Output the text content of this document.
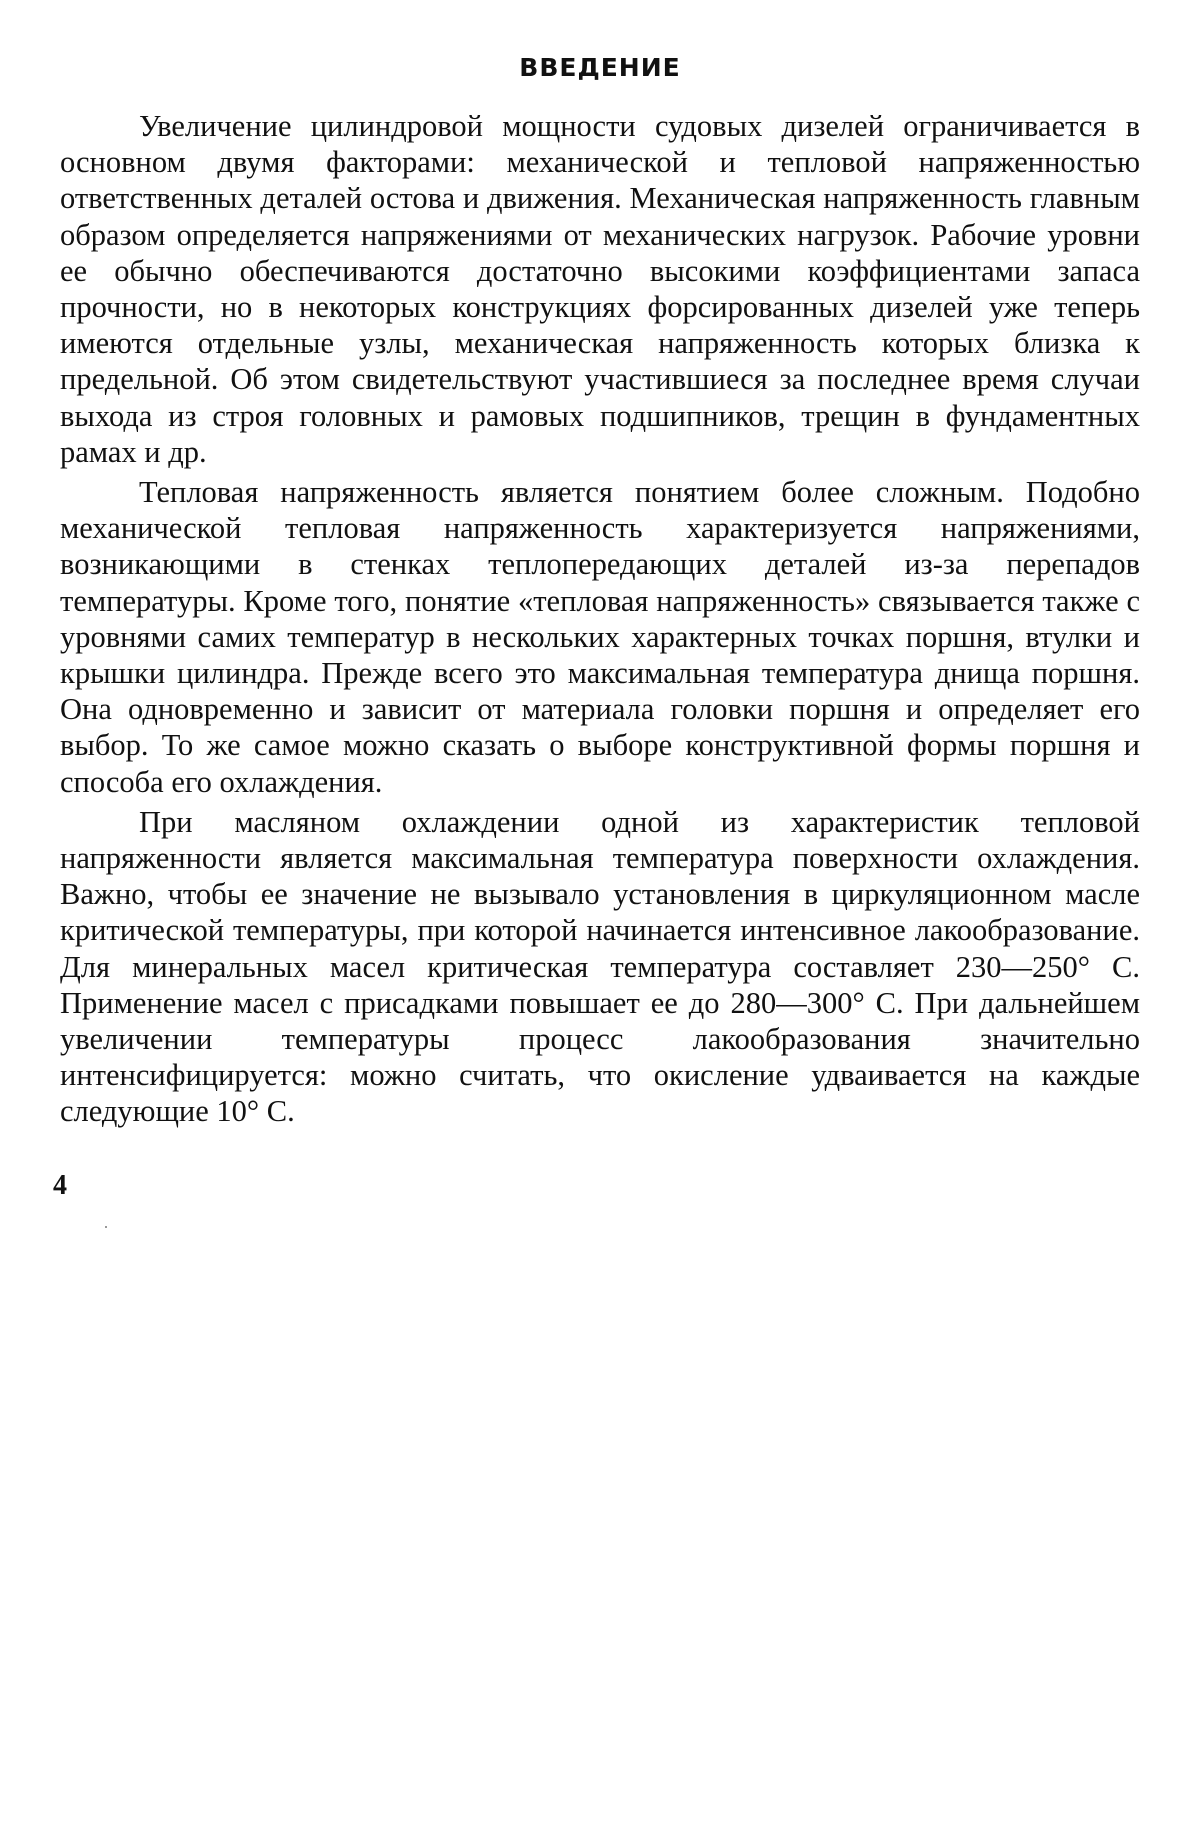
ВВЕДЕНИЕ

Увеличение цилиндровой мощности судовых дизелей ограничивается в основном двумя факторами: механической и тепловой напряженностью ответственных деталей остова и движения. Механическая напряженность главным образом определяется напряжениями от механических нагрузок. Рабочие уровни ее обычно обеспечиваются достаточно высокими коэффициентами запаса прочности, но в некоторых конструкциях форсированных дизелей уже теперь имеются отдельные узлы, механическая напряженность которых близка к предельной. Об этом свидетельствуют участившиеся за последнее время случаи выхода из строя головных и рамовых подшипников, трещин в фундаментных рамах и др.

Тепловая напряженность является понятием более сложным. Подобно механической тепловая напряженность характеризуется напряжениями, возникающими в стенках теплопередающих деталей из-за перепадов температуры. Кроме того, понятие «тепловая напряженность» связывается также с уровнями самих температур в нескольких характерных точках поршня, втулки и крышки цилиндра. Прежде всего это максимальная температура днища поршня. Она одновременно и зависит от материала головки поршня и определяет его выбор. То же самое можно сказать о выборе конструктивной формы поршня и способа его охлаждения.

При масляном охлаждении одной из характеристик тепловой напряженности является максимальная температура поверхности охлаждения. Важно, чтобы ее значение не вызывало установления в циркуляционном масле критической температуры, при которой начинается интенсивное лакообразование. Для минеральных масел критическая температура составляет 230—250° С. Применение масел с присадками повышает ее до 280—300° С. При дальнейшем увеличении температуры процесс лакообразования значительно интенсифицируется: можно считать, что окисление удваивается на каждые следующие 10° С.

4
